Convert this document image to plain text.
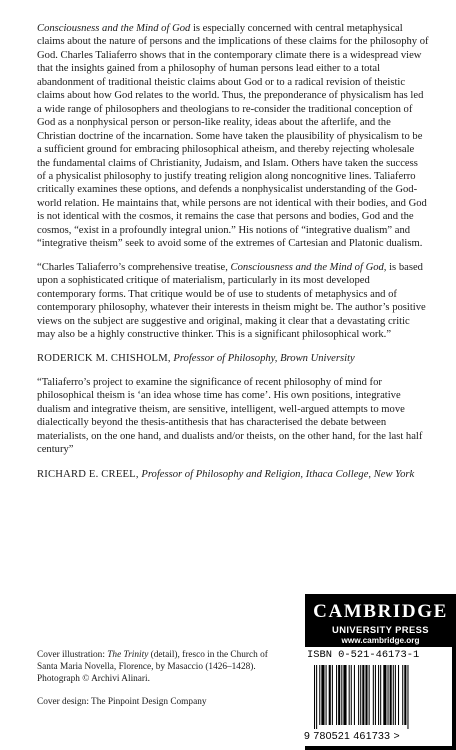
Consciousness and the Mind of God is especially concerned with central metaphysical claims about the nature of persons and the implications of these claims for the philosophy of God. Charles Taliaferro shows that in the contemporary climate there is a widespread view that the insights gained from a philosophy of human persons lead either to a total abandonment of traditional theistic claims about God or to a radical revision of theistic claims about how God relates to the world. Thus, the preponderance of physicalism has led a wide range of philosophers and theologians to re-consider the traditional conception of God as a nonphysical person or person-like reality, ideas about the afterlife, and the Christian doctrine of the incarnation. Some have taken the plausibility of physicalism to be a sufficient ground for embracing philosophical atheism, and thereby rejecting wholesale the fundamental claims of Christianity, Judaism, and Islam. Others have taken the success of a physicalist philosophy to justify treating religion along noncognitive lines. Taliaferro critically examines these options, and defends a nonphysicalist understanding of the God-world relation. He maintains that, while persons are not identical with their bodies, and God is not identical with the cosmos, it remains the case that persons and bodies, God and the cosmos, “exist in a profoundly integral union.” His notions of “integrative dualism” and “integrative theism” seek to avoid some of the extremes of Cartesian and Platonic dualism.

“Charles Taliaferro’s comprehensive treatise, Consciousness and the Mind of God, is based upon a sophisticated critique of materialism, particularly in its most developed contemporary forms. That critique would be of use to students of metaphysics and of contemporary philosophy, whatever their interests in theism might be. The author’s positive views on the subject are suggestive and original, making it clear that a devastating critic may also be a highly constructive thinker. This is a significant philosophical work.”

RODERICK M. CHISHOLM, Professor of Philosophy, Brown University

“Taliaferro’s project to examine the significance of recent philosophy of mind for philosophical theism is ‘an idea whose time has come’. His own positions, integrative dualism and integrative theism, are sensitive, intelligent, well-argued attempts to move dialectically beyond the thesis-antithesis that has characterised the debate between materialists, on the one hand, and dualists and/or theists, on the other hand, for the last half century”

RICHARD E. CREEL, Professor of Philosophy and Religion, Ithaca College, New York

Cover illustration: The Trinity (detail), fresco in the Church of Santa Maria Novella, Florence, by Masaccio (1426–1428). Photograph © Archivi Alinari.
Cover design: The Pinpoint Design Company
CAMBRIDGE
UNIVERSITY PRESS
www.cambridge.org
ISBN 0-521-46173-1
9 780521 461733 >
